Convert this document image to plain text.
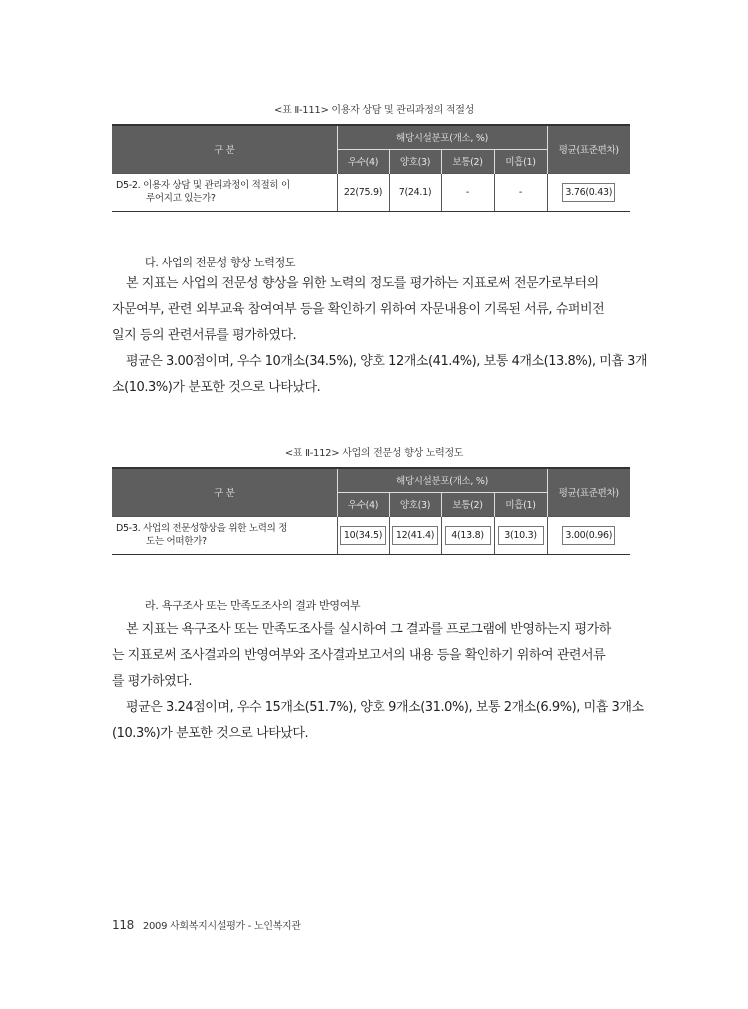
<표 Ⅱ-111> 이용자 상담 및 관리과정의 적절성
구 분	해당시설분포(개소, %)				평균(표준편차)
	우수(4)	양호(3)	보통(2)	미흡(1)	
D5-2. 이용자 상담 및 관리과정이 적절히 이
루어지고 있는가?	22(75.9)	7(24.1)	-	-	3.76(0.43)
다. 사업의 전문성 향상 노력정도
본 지표는 사업의 전문성 향상을 위한 노력의 정도를 평가하는 지표로써 전문가로부터의
자문여부, 관련 외부교육 참여여부 등을 확인하기 위하여 자문내용이 기록된 서류, 슈퍼비전
일지 등의 관련서류를 평가하였다.
평균은 3.00점이며, 우수 10개소(34.5%), 양호 12개소(41.4%), 보통 4개소(13.8%), 미흡 3개
소(10.3%)가 분포한 것으로 나타났다.
<표 Ⅱ-112> 사업의 전문성 향상 노력정도
구 분	해당시설분포(개소, %)				평균(표준편차)
	우수(4)	양호(3)	보통(2)	미흡(1)	
D5-3. 사업의 전문성향상을 위한 노력의 정
도는 어떠한가?	10(34.5)	12(41.4)	4(13.8)	3(10.3)	3.00(0.96)
라. 욕구조사 또는 만족도조사의 결과 반영여부
본 지표는 욕구조사 또는 만족도조사를 실시하여 그 결과를 프로그램에 반영하는지 평가하
는 지표로써 조사결과의 반영여부와 조사결과보고서의 내용 등을 확인하기 위하여 관련서류
를 평가하였다.
평균은 3.24점이며, 우수 15개소(51.7%), 양호 9개소(31.0%), 보통 2개소(6.9%), 미흡 3개소
(10.3%)가 분포한 것으로 나타났다.
118 2009 사회복지시설평가 - 노인복지관
